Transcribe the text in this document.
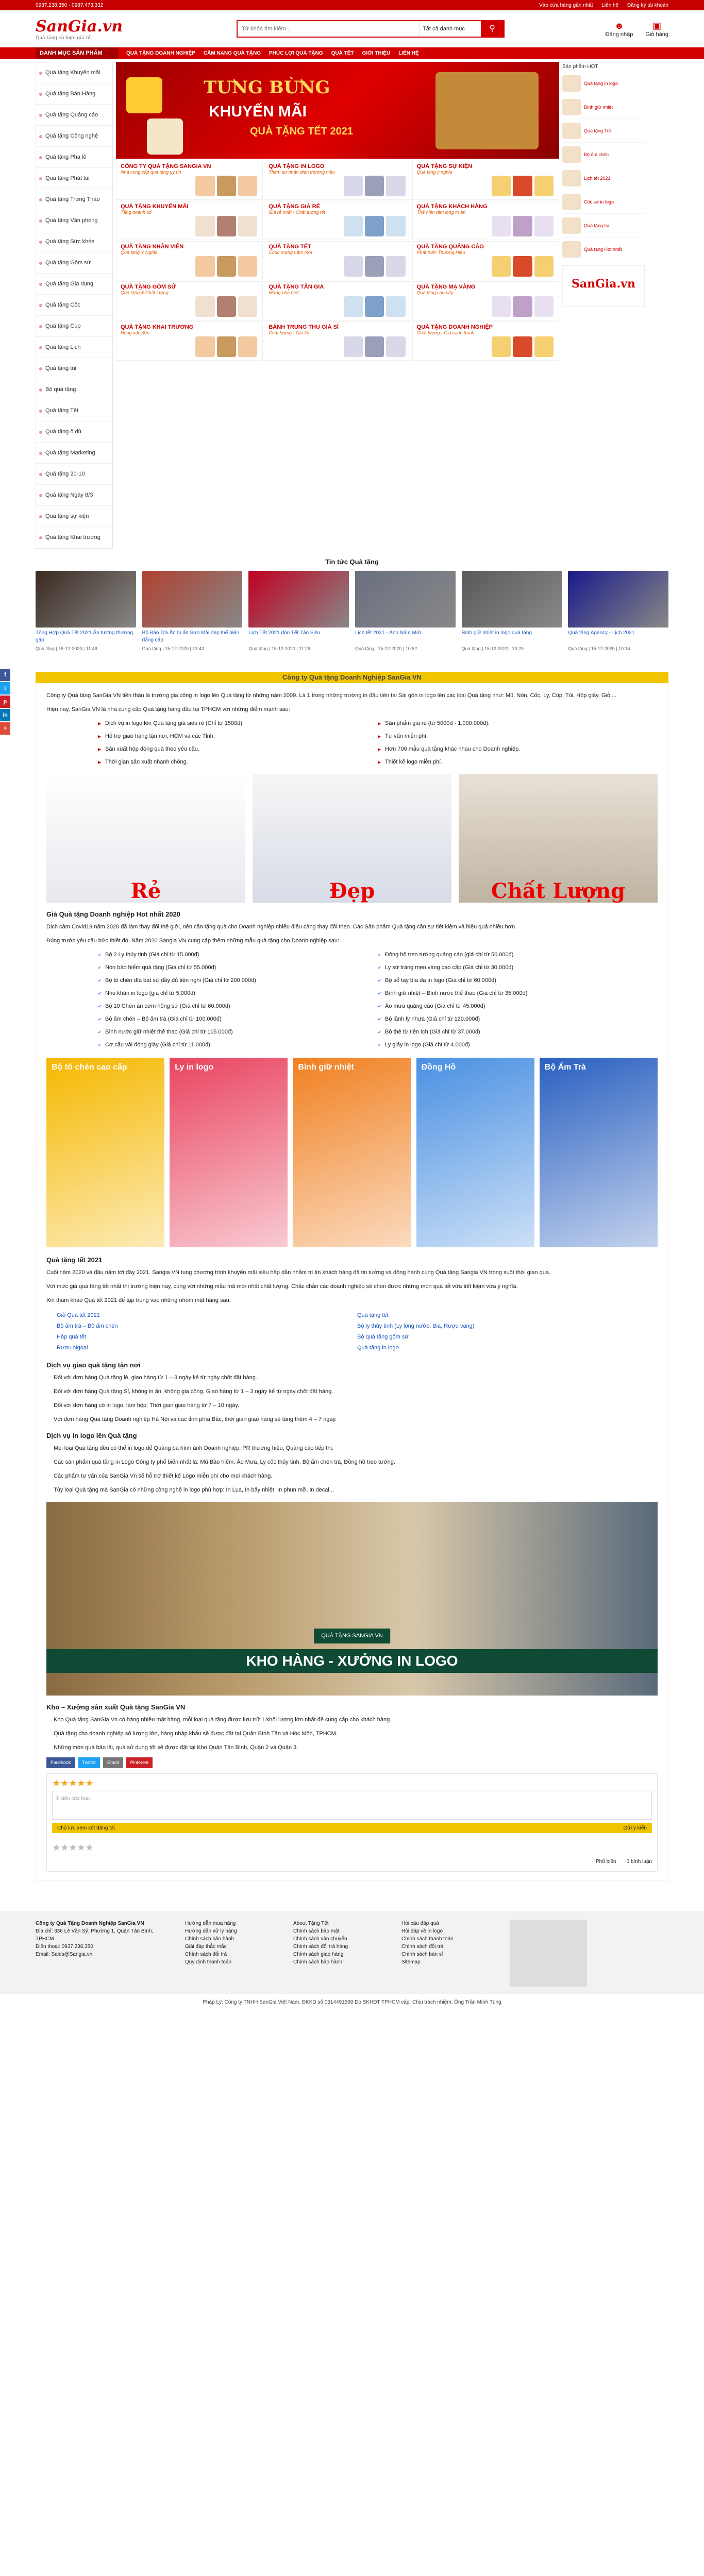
0937.238.350 - 0987.473.332	Vào cửa hàng gần nhất Liên hệ Đăng ký tài khoản
SanGia.vn
Quà tặng có logo giá rẻ
Từ khóa tìm kiếm...
Tất cả danh mục	⚲	☻
Đăng nhập
▣
Giỏ hàng
DANH MỤC SẢN PHẨM	QUÀ TẶNG DOANH NGHIỆP CẨM NANG QUÀ TẶNG PHÚC LỢI QUÀ TẶNG QUÀ TẾT GIỚI THIỆU LIÊN HỆ
Quà tặng Khuyến mãi
Quà tặng Bán Hàng
Quà tặng Quảng cáo
Quà tặng Công nghệ
Quà tặng Pha lê
Quà tặng Phát tài
Quà tặng Trưng Thảo
Quà tặng Văn phòng
Quà tặng Sức khỏe
Quà tặng Gốm sứ
Quà tặng Gia dụng
Quà tặng Cốc
Quà tặng Cúp
Quà tặng Lịch
Quà tặng túi
Bộ quà tặng
Quà tặng Tết
Quà tặng ô dù
Quà tặng Marketing
Quà tặng 20-10
Quà tặng Ngày 8/3
Quà tặng sự kiện
Quà tặng Khai trương
TƯNG BỪNG
KHUYẾN MÃI
QUÀ TẶNG TẾT 2021
CÔNG TY QUÀ TẶNG SANGIA VN
Nhà cung cấp quà tặng uy tín
QUÀ TẶNG IN LOGO
Thêm sự nhận diện thương hiệu
QUÀ TẶNG SỰ KIỆN
Quà tặng ý nghĩa
QUÀ TẶNG KHUYẾN MÃI
Tăng doanh số
QUÀ TẶNG GIÁ RẺ
Giá rẻ nhất - Chất lượng tốt
QUÀ TẶNG KHÁCH HÀNG
Thể hiện tấm lòng tri ân
QUÀ TẶNG NHÂN VIÊN
Quà tặng Ý Nghĩa
QUÀ TẶNG TẾT
Chúc mừng năm mới
QUÀ TẶNG QUẢNG CÁO
Phát triển Thương Hiệu
QUÀ TẶNG GỐM SỨ
Quà tặng & Chất lượng
QUÀ TẶNG TÂN GIA
Mừng nhà mới
QUÀ TẶNG MẠ VÀNG
Quà tặng cao cấp
QUÀ TẶNG KHAI TRƯƠNG
Hồng vận đến
BÁNH TRUNG THU GIÁ SỈ
Chất lượng - Giá tốt
QUÀ TẶNG DOANH NGHIỆP
Chất lượng - Giá cạnh tranh
Sản phẩm HOT
Quà tặng in logo
Bình giữ nhiệt
Quà tặng Tết
Bộ ấm chén
Lịch tết 2021
Cốc sứ in logo
Quà tặng túi
Quà tặng Hot nhất
SanGia.vn
Tin tức Quà tặng
Tổng Hợp Quà Tết 2021 Ấn tượng thường gặp
Quà tặng | 15-12-2020 | 11:48
Bộ Bàn Trà Ấn In ấn Sơn Mài đẹp thể hiện đẳng cấp
Quà tặng | 15-12-2020 | 13:43
Lịch Tết 2021 đón Tết Tân Sửu
Quà tặng | 15-12-2020 | 11:26
Lịch tết 2021 - Ảnh Năm Mới
Quà tặng | 15-12-2020 | 10:52
Bình giữ nhiệt in logo quà tặng
Quà tặng | 15-12-2020 | 10:20
Quà tặng Agency - Lịch 2021
Quà tặng | 15-12-2020 | 10:14
Công ty Quà tặng Doanh Nghiệp SanGia VN

Công ty Quà tặng SanGia VN tiền thân là trường gia công in logo lên Quà tặng từ những năm 2009. Là 1 trong những trường in đầu tiên tại Sài gòn in logo lên các loại Quà tặng như: Mũ, Nón, Cốc, Ly, Cúp, Túi, Hộp giấy, Giỏ ...

Hiện nay, SanGia VN là nhà cung cấp Quà tặng hàng đầu tại TPHCM với những điểm mạnh sau:

▶ Dịch vụ in logo lên Quà tặng giá siêu rẻ (Chỉ từ 1500đ).	▶ Sản phẩm giá rẻ (từ 5000đ - 1.000.000đ).
▶ Hỗ trợ giao hàng tận nơi, HCM và các Tỉnh.	▶ Tư vấn miễn phí.
▶ Sản xuất hộp đóng quà theo yêu cầu.	▶ Hơn 700 mẫu quà tặng khác nhau cho Doanh nghiệp.
▶ Thời gian sản xuất nhanh chóng.	▶ Thiết kế logo miễn phí.
Rẻ	Đẹp	Chất Lượng
Giá Quà tặng Doanh nghiệp Hot nhất 2020

Dịch càm Covid19 năm 2020 đã làm thay đổi thế giới, nên cần tặng quà cho Doanh nghiệp nhiều điều càng thay đổi theo. Các Sản phẩm Quà tặng cần sự tiết kiệm và hiệu quả nhiều hơn.

Đúng trước yêu cầu bức thiết đó, Năm 2020 Sangia VN cung cấp thêm những mẫu quà tặng cho Doanh nghiệp sau:

✔ Bộ 2 Ly thủy tinh (Giá chỉ từ 15.000đ)	✔ Đồng hồ treo tường quảng cáo (giá chỉ từ 50.000đ)
✔ Nón bảo hiểm quà tặng (Giá chỉ từ 55.000đ)	✔ Ly sứ tráng men vàng cao cấp (Giá chỉ từ 30.000đ)
✔ Bộ tô chén đĩa bát sứ đầy đủ tiện nghi (Giá chỉ từ 200.000đ)	✔ Bộ sổ tay bìa da in logo (Giá chỉ từ 60.000đ)
✔ Nhu khăn in logo (giá chỉ từ 5.000đ)	✔ Bình giữ nhiệt – Bình nước thể thao (Giá chỉ từ 35.000đ)
✔ Bộ 10 Chén ăn cơm hồng sứ (Giá chỉ từ 60.000đ)	✔ Áo mưa quảng cáo (Giá chỉ từ 45.000đ)
✔ Bộ ấm chén – Bộ ấm trà (Giá chỉ từ 100.000đ)	✔ Bộ lãnh ly nhựa (Giá chỉ từ 120.000đ)
✔ Bình nước giữ nhiệt thể thao (Giá chỉ từ 105.000đ)	✔ Bộ thẻ từ tiện ích (Giá chỉ từ 37.000đ)
✔ Cơ cấu vải đóng giày (Giá chỉ từ 11.000đ)	✔ Ly giấy in logo (Giá chỉ từ 4.000đ)
Bộ tô chén cao cấp	Ly in logo	Bình giữ nhiệt	Đồng Hồ	Bộ Ấm Trà
Quà tặng tết 2021

Cuối năm 2020 và đầu năm tới đây 2021. Sangia VN tung chương trình khuyến mãi siêu hấp dẫn nhằm tri ân khách hàng đã tin tưởng và đồng hành cùng Quà tặng Sangia VN trong suốt thời gian qua.

Với mức giá quà tặng tốt nhất thị trường hiện nay, cùng với những mẫu mã mới nhất chất lượng. Chắc chắn các doanh nghiệp sẽ chọn được những món quà tết vừa tiết kiệm vừa ý nghĩa.

Xin tham khảo Quà tết 2021 để tập trung vào những nhóm mặt hàng sau:

Giỏ Quà tết 2021	Quà tặng tết
Bộ ấm trà – Bộ ấm chén	Bộ ly thủy tinh (Ly long nước, Bia, Rượu vang)
Hộp quà tết	Bộ quà tặng gốm sứ
Rượu Ngoại	Quà tặng in logo
Dịch vụ giao quà tặng tận nơi

Đối với đơn hàng Quà tặng lẻ, giao hàng từ 1 – 3 ngày kể từ ngày chốt đặt hàng.

Đối với đơn hàng Quà tặng Sỉ, không in ấn, không gia công. Giao hàng từ 1 – 3 ngày kể từ ngày chốt đặt hàng.

Đối với đơn hàng có in logo, làm hộp: Thời gian giao hàng từ 7 – 10 ngày.

Với đơn hàng Quà tặng Doanh nghiệp Hà Nội và các tỉnh phía Bắc, thời gian giao hàng sẽ tăng thêm 4 – 7 ngày.

Dịch vụ in logo lên Quà tặng

Mọi loại Quà tặng đều có thể in logo để Quảng bá hình ảnh Doanh nghiệp, PR thương hiệu, Quảng cáo tiếp thị.

Các sản phẩm quà tặng in Logo Công ty phổ biến nhất là: Mũ Bảo hiểm, Áo Mưa, Ly cốc thủy tinh, Bộ ấm chén trà, Đồng hồ treo tường.

Các phẩm tư vấn của SanGia Vn sẽ hỗ trợ thiết kế Logo miễn phí cho mọi khách hàng.

Tùy loại Quà tặng mà SanGia có những công nghệ in logo phù hợp: In Lụa, In bấy nhiệt, In phun mỡ, In decal...

QUÀ TẶNG SANGIA VN
KHO HÀNG - XƯỞNG IN LOGO
Kho – Xưởng sản xuất Quà tặng SanGia VN

Kho Quà tặng SanGia Vn có hàng nhiều mặt hàng, mỗi loại quà tặng được lưu trữ 1 khối lượng lớn nhất để cung cấp cho khách hàng.

Quà tặng cho doanh nghiệp số lượng lớn, hàng nhập khẩu sẽ được đặt tại Quận Bình Tân và Hóc Môn, TPHCM.

Những món quà bảo lãi, quà sử dụng tốt sẽ được đặt tại Kho Quận Tân Bình, Quận 2 và Quận 3.

Facebook	Twitter	Email	Pinterest
★★★★★
Ý kiến của bạn
Chủ lưu xem xét đăng tải	Gửi ý kiến
★★★★★
Phổ biến 0 bình luận
Công ty Quà Tặng Doanh Nghiệp SanGia VN
Địa chỉ: 336 Lê Văn Sỹ, Phường 1, Quận Tân Bình, TPHCM
Điện thoại: 0937.238.350
Email: Sales@Sangia.vn
Hướng dẫn mua hàng
Hướng dẫn xử lý hàng
Chính sách bảo hành
Giải đáp thắc mắc
Chính sách đổi trả
Quy định thanh toán
About Tặng Tết
Chính sách bảo mật
Chính sách vận chuyển
Chính sách đổi trả hàng
Chính sách giao hàng
Chính sách bảo hành
Hỏi câu đáp quà
Hỏi đáp về in logo
Chính sách thanh toán
Chính sách đổi trả
Chính sách bán sỉ
Sitemap
Pháp Lý: Công ty TNHH SanGia Việt Nam. ĐKKD số 0314491599 Do SKHĐT TPHCM cấp. Chịu trách nhiệm: Ông Trần Minh Tùng
f
t
p
in
+
